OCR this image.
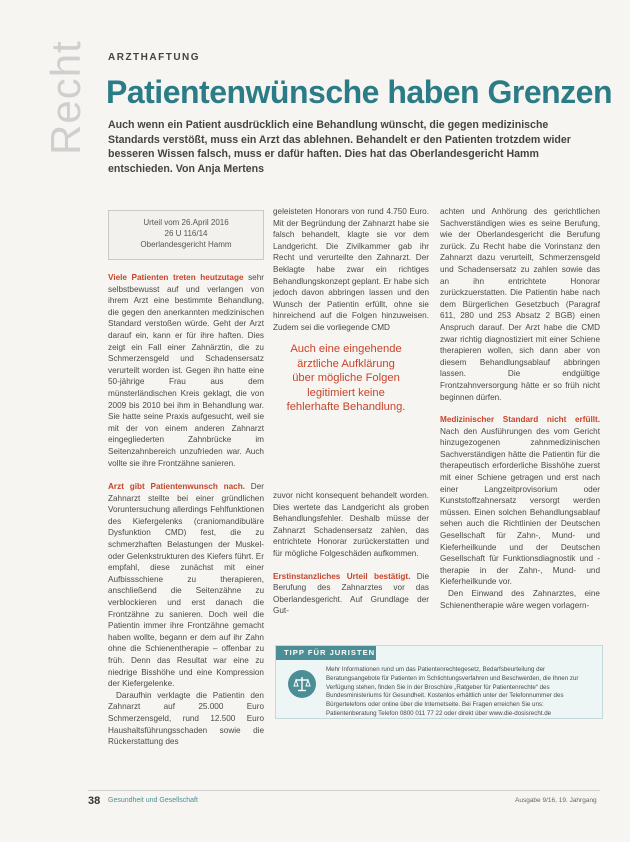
Recht ARZTHAFTUNG
Patientenwünsche haben Grenzen

Auch wenn ein Patient ausdrücklich eine Behandlung wünscht, die gegen medizinische Standards verstößt, muss ein Arzt das ablehnen. Behandelt er den Patienten trotzdem wider besseren Wissen falsch, muss er dafür haften. Dies hat das Oberlandesgericht Hamm entschieden. Von Anja Mertens

Urteil vom 26.April 2016
26 U 116/14
Oberlandesgericht Hamm

Viele Patienten treten heutzutage sehr selbstbewusst auf und verlangen von ihrem Arzt eine bestimmte Behandlung, die gegen den anerkannten medizinischen Standard verstoßen würde. Geht der Arzt darauf ein, kann er für ihre haften. Dies zeigt ein Fall einer Zahnärztin, die zu Schmerzensgeld und Schadensersatz verurteilt worden ist. Gegen ihn hatte eine 50-jährige Frau aus dem münsterländischen Kreis geklagt, die von 2009 bis 2010 bei ihm in Behandlung war. Sie hatte seine Praxis aufgesucht, weil sie mit der von einem anderen Zahnarzt eingegliederten Zahnbrücke im Seitenzahnbereich unzufrieden war. Auch vollte sie ihre Frontzähne sanieren.

Arzt gibt Patientenwunsch nach. Der Zahnarzt stellte bei einer gründlichen Voruntersuchung allerdings Fehlfunktionen des Kiefergelenks (craniomandibuläre Dysfunktion CMD) fest, die zu schmerzhaften Belastungen der Muskel- oder Gelenkstrukturen des Kiefers führt. Er empfahl, diese zunächst mit einer Aufbissschiene zu therapieren, anschließend die Seitenzähne zu verblockieren und erst danach die Frontzähne zu sanieren. Doch weil die Patientin immer ihre Frontzähne gemacht haben wollte, begann er dem auf ihr Zahn ohne die Schienentherapie – offenbar zu früh. Denn das Resultat war eine zu niedrige Bisshöhe und eine Kompression der Kiefergelenke.

Daraufhin verklagte die Patientin den Zahnarzt auf 25.000 Euro Schmerzensgeld, rund 12.500 Euro Haushaltsführungsschaden sowie die Rückerstattung des

geleisteten Honorars von rund 4.750 Euro. Mit der Begründung der Zahnarzt habe sie falsch behandelt, klagte sie vor dem Landgericht. Die Zivilkammer gab ihr Recht und verurteilte den Zahnarzt. Der Beklagte habe zwar ein richtiges Behandlungskonzept geplant. Er habe sich jedoch davon abbringen lassen und den Wunsch der Patientin erfüllt, ohne sie hinreichend auf die Folgen hinzuweisen. Zudem sei die vorliegende CMD

Auch eine eingehende ärztliche Aufklärung über mögliche Folgen legitimiert keine fehlerhafte Behandlung.

zuvor nicht konsequent behandelt worden. Dies wertete das Landgericht als groben Behandlungsfehler. Deshalb müsse der Zahnarzt Schadensersatz zahlen, das entrichtete Honorar zurückerstatten und für mögliche Folgeschäden aufkommen.

Erstinstanzliches Urteil bestätigt. Die Berufung des Zahnarztes vor das Oberlandesgericht. Auf Grundlage der Gut-

achten und Anhörung des gerichtlichen Sachverständigen wies es seine Berufung, wie der Oberlandesgericht die Berufung zurück. Zu Recht habe die Vorinstanz den Zahnarzt dazu verurteilt, Schmerzensgeld und Schadensersatz zu zahlen sowie das an ihn entrichtete Honorar zurückzuerstatten. Die Patientin habe nach dem Bürgerlichen Gesetzbuch (Paragraf 611, 280 und 253 Absatz 2 BGB) einen Anspruch darauf. Der Arzt habe die CMD zwar richtig diagnostiziert mit einer Schiene therapieren wollen, sich dann aber von diesem Behandlungsablauf abbringen lassen. Die endgültige Frontzahnversorgung hätte er so früh nicht beginnen dürfen.

Medizinischer Standard nicht erfüllt. Nach den Ausführungen des vom Gericht hinzugezogenen zahnmedizinischen Sachverständigen hätte die Patientin für die therapeutisch erforderliche Bisshöhe zuerst mit einer Schiene getragen und erst nach einer Langzeitprovisorium oder Kunststoffzahnersatz versorgt werden müssen. Einen solchen Behandlungsablauf sehen auch die Richtlinien der Deutschen Gesellschaft für Zahn-, Mund- und Kieferheilkunde und der Deutschen Gesellschaft für Funktionsdiagnostik und -therapie in der Zahn-, Mund- und Kieferheilkunde vor.

Den Einwand des Zahnarztes, eine Schienentherapie wäre wegen vorlagern-

TIPP FÜR JURISTEN

Mehr Informationen rund um das Patientenrechtegesetz, Bedarfsbeurteilung der Beratungsangebote für Patienten im Schlichtungsverfahren und Beschwerden, die Ihnen zur Verfügung stehen, finden Sie in der Broschüre „Ratgeber für Patientenrechte“ des Bundesministeriums für Gesundheit. Kostenlos erhältlich unter der Telefonnummer des Bürgertelefons oder online über die Internetseite. Bei Fragen erreichen Sie uns: Patientenberatung Telefon 0800 011 77 22 oder direkt über www.die-dosisrecht.de

38 Gesundheit und Gesellschaft	Ausgabe 9/16, 19. Jahrgang
